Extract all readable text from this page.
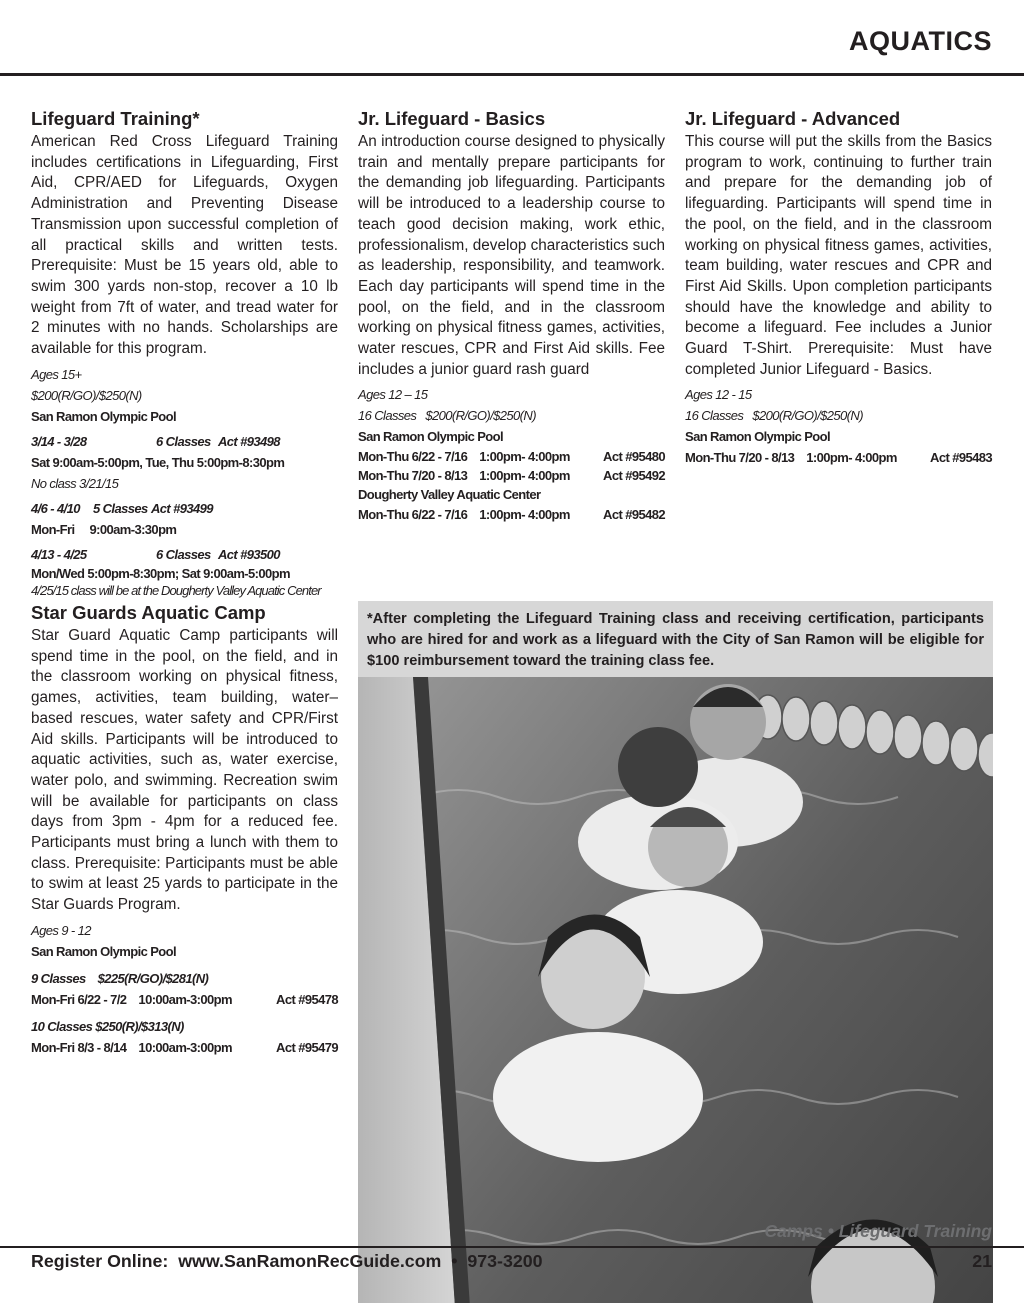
AQUATICS
Lifeguard Training*

American Red Cross Lifeguard Training includes certifications in Lifeguarding, First Aid, CPR/AED for Lifeguards, Oxygen Administration and Preventing Disease Transmission upon successful completion of all practical skills and written tests. Prerequisite: Must be 15 years old, able to swim 300 yards non-stop, recover a 10 lb weight from 7ft of water, and tread water for 2 minutes with no hands. Scholarships are available for this program.

Ages 15+
$200(R/GO)/$250(N)
San Ramon Olympic Pool
3/14 - 3/28	6 Classes Act #93498
Sat 9:00am-5:00pm, Tue, Thu 5:00pm-8:30pm
No class 3/21/15
4/6 - 4/10 5 Classes Act #93499
Mon-Fri     9:00am-3:30pm
4/13 - 4/25	6 Classes Act #93500
Mon/Wed 5:00pm-8:30pm; Sat 9:00am-5:00pm
4/25/15 class will be at the Dougherty Valley Aquatic Center
Jr. Lifeguard - Basics

An introduction course designed to physically train and mentally prepare participants for the demanding job lifeguarding. Participants will be introduced to a leadership course to teach good decision making, work ethic, professionalism, develop characteristics such as leadership, responsibility, and teamwork. Each day participants will spend time in the pool, on the field, and in the classroom working on physical fitness games, activities, water rescues, CPR and First Aid skills. Fee includes a junior guard rash guard

Ages 12 – 15
16 Classes   $200(R/GO)/$250(N)
San Ramon Olympic Pool
Mon-Thu 6/22 - 7/16    1:00pm- 4:00pm	Act #95480
Mon-Thu 7/20 - 8/13    1:00pm- 4:00pm	Act #95492
Dougherty Valley Aquatic Center
Mon-Thu 6/22 - 7/16    1:00pm- 4:00pm	Act #95482
Jr. Lifeguard - Advanced

This course will put the skills from the Basics program to work, continuing to further train and prepare for the demanding job of lifeguarding. Participants will spend time in the pool, on the field, and in the classroom working on physical fitness games, activities, team building, water rescues and CPR and First Aid Skills. Upon completion participants should have the knowledge and ability to become a lifeguard. Fee includes a Junior Guard T-Shirt. Prerequisite: Must have completed Junior Lifeguard - Basics.

Ages 12 - 15
16 Classes   $200(R/GO)/$250(N)
San Ramon Olympic Pool
Mon-Thu 7/20 - 8/13    1:00pm- 4:00pm	Act #95483
Star Guards Aquatic Camp

Star Guard Aquatic Camp participants will spend time in the pool, on the field, and in the classroom working on physical fitness, games, activities, team building, water–based rescues, water safety and CPR/First Aid skills. Participants will be introduced to aquatic activities, such as, water exercise, water polo, and swimming. Recreation swim will be available for participants on class days from 3pm - 4pm for a reduced fee. Participants must bring a lunch with them to class. Prerequisite: Participants must be able to swim at least 25 yards to participate in the Star Guards Program.

Ages 9 - 12
San Ramon Olympic Pool
9 Classes    $225(R/GO)/$281(N)
Mon-Fri 6/22 - 7/2    10:00am-3:00pm	Act #95478
10 Classes $250(R)/$313(N)
Mon-Fri 8/3 - 8/14    10:00am-3:00pm	Act #95479
*After completing the Lifeguard Training class and receiving certification, participants who are hired for and work as a lifeguard with the City of San Ramon will be eligible for $100 reimbursement toward the training class fee.
Camps • Lifeguard Training
Register Online:  www.SanRamonRecGuide.com  •  973-3200	21
